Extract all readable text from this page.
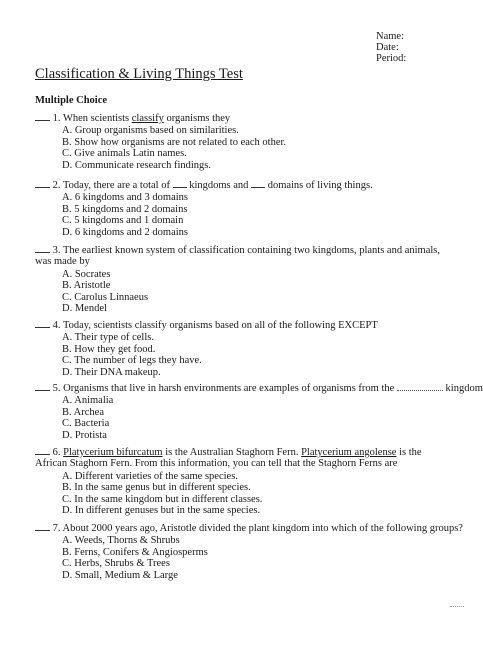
Name:
Date:
Period:
Classification & Living Things Test
Multiple Choice
1. When scientists classify organisms they
A. Group organisms based on similarities.
B. Show how organisms are not related to each other.
C. Give animals Latin names.
D. Communicate research findings.
2. Today, there are a total of  kingdoms and  domains of living things.
A. 6 kingdoms and 3 domains
B. 5 kingdoms and 2 domains
C. 5 kingdoms and 1 domain
D. 6 kingdoms and 2 domains
3. The earliest known system of classification containing two kingdoms, plants and animals, was made by
A. Socrates
B. Aristotle
C. Carolus Linnaeus
D. Mendel
4. Today, scientists classify organisms based on all of the following EXCEPT
A. Their type of cells.
B. How they get food.
C. The number of legs they have.
D. Their DNA makeup.
5. Organisms that live in harsh environments are examples of organisms from the	kingdom
A. Animalia
B. Archea
C. Bacteria
D. Protista
6. Platycerium bifurcatum is the Australian Staghorn Fern. Platycerium angolense is the African Staghorn Fern. From this information, you can tell that the Staghorn Ferns are
A. Different varieties of the same species.
B. In the same genus but in different species.
C. In the same kingdom but in different classes.
D. In different genuses but in the same species.
7. About 2000 years ago, Aristotle divided the plant kingdom into which of the following groups?
A. Weeds, Thorns & Shrubs
B. Ferns, Conifers & Angiosperms
C. Herbs, Shrubs & Trees
D. Small, Medium & Large
